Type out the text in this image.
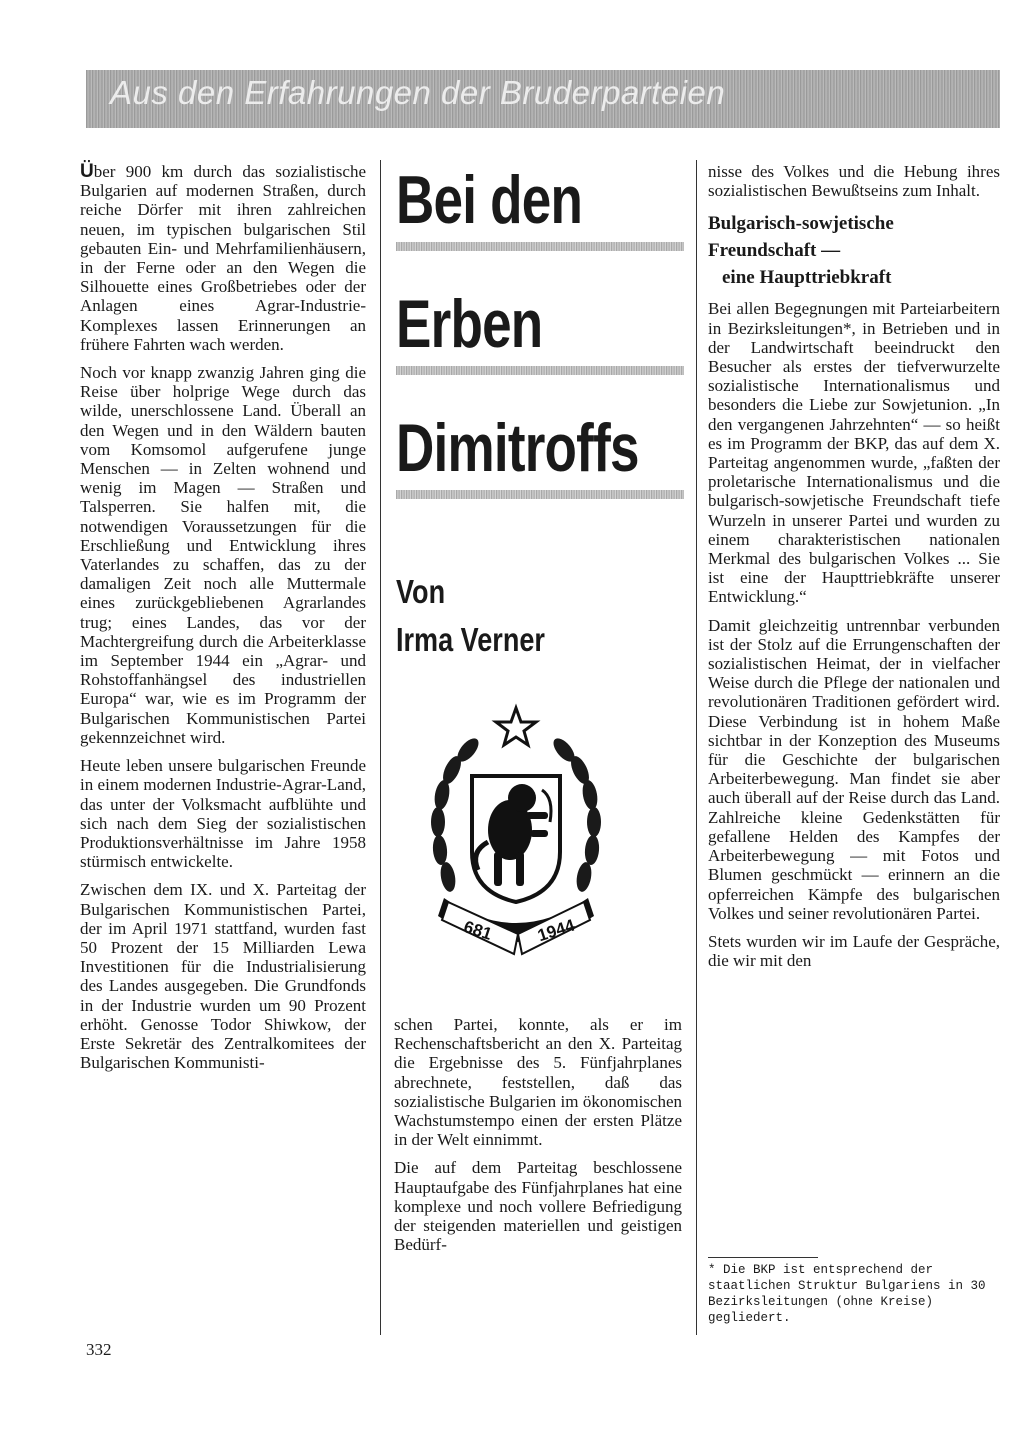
Aus den Erfahrungen der Bruderparteien

Über 900 km durch das sozialistische Bulgarien auf modernen Straßen, durch reiche Dörfer mit ihren zahlreichen neuen, im typischen bulgarischen Stil gebauten Ein- und Mehrfamilienhäusern, in der Ferne oder an den Wegen die Silhouette eines Großbetriebes oder der Anlagen eines Agrar-Industrie-Komplexes lassen Erinnerungen an frühere Fahrten wach werden.

Noch vor knapp zwanzig Jahren ging die Reise über holprige Wege durch das wilde, unerschlossene Land. Überall an den Wegen und in den Wäldern bauten vom Komsomol aufgerufene junge Menschen — in Zelten wohnend und wenig im Magen — Straßen und Talsperren. Sie halfen mit, die notwendigen Voraussetzungen für die Erschließung und Entwicklung ihres Vaterlandes zu schaffen, das zu der damaligen Zeit noch alle Muttermale eines zurückgebliebenen Agrarlandes trug; eines Landes, das vor der Machtergreifung durch die Arbeiterklasse im September 1944 ein „Agrar- und Rohstoffanhängsel des industriellen Europa“ war, wie es im Programm der Bulgarischen Kommunistischen Partei gekennzeichnet wird.

Heute leben unsere bulgarischen Freunde in einem modernen Industrie-Agrar-Land, das unter der Volksmacht aufblühte und sich nach dem Sieg der sozialistischen Produktionsverhältnisse im Jahre 1958 stürmisch entwickelte.

Zwischen dem IX. und X. Parteitag der Bulgarischen Kommunistischen Partei, der im April 1971 stattfand, wurden fast 50 Prozent der 15 Milliarden Lewa Investitionen für die Industrialisierung des Landes ausgegeben. Die Grundfonds in der Industrie wurden um 90 Prozent erhöht. Genosse Todor Shiwkow, der Erste Sekretär des Zentralkomitees der Bulgarischen Kommunisti-

Bei den
Erben
Dimitroffs
Von
Irma Verner
681 1944

schen Partei, konnte, als er im Rechenschaftsbericht an den X. Parteitag die Ergebnisse des 5. Fünfjahrplanes abrechnete, feststellen, daß das sozialistische Bulgarien im ökonomischen Wachstumstempo einen der ersten Plätze in der Welt einnimmt.

Die auf dem Parteitag beschlossene Hauptaufgabe des Fünfjahrplanes hat eine komplexe und noch vollere Befriedigung der steigenden materiellen und geistigen Bedürf-

nisse des Volkes und die Hebung ihres sozialistischen Bewußtseins zum Inhalt.

Bulgarisch-sowjetische
Freundschaft —
eine Haupttriebkraft

Bei allen Begegnungen mit Parteiarbeitern in Bezirksleitungen*, in Betrieben und in der Landwirtschaft beeindruckt den Besucher als erstes der tiefverwurzelte sozialistische Internationalismus und besonders die Liebe zur Sowjetunion. „In den vergangenen Jahrzehnten“ — so heißt es im Programm der BKP, das auf dem X. Parteitag angenommen wurde, „faßten der proletarische Internationalismus und die bulgarisch-sowjetische Freundschaft tiefe Wurzeln in unserer Partei und wurden zu einem charakteristischen nationalen Merkmal des bulgarischen Volkes ... Sie ist eine der Haupttriebkräfte unserer Entwicklung.“

Damit gleichzeitig untrennbar verbunden ist der Stolz auf die Errungenschaften der sozialistischen Heimat, der in vielfacher Weise durch die Pflege der nationalen und revolutionären Traditionen gefördert wird. Diese Verbindung ist in hohem Maße sichtbar in der Konzeption des Museums für die Geschichte der bulgarischen Arbeiterbewegung. Man findet sie aber auch überall auf der Reise durch das Land. Zahlreiche kleine Gedenkstätten für gefallene Helden des Kampfes der Arbeiterbewegung — mit Fotos und Blumen geschmückt — erinnern an die opferreichen Kämpfe des bulgarischen Volkes und seiner revolutionären Partei.

Stets wurden wir im Laufe der Gespräche, die wir mit den

* Die BKP ist entsprechend der staatlichen Struktur Bulgariens in 30 Bezirksleitungen (ohne Kreise) gegliedert.
332
